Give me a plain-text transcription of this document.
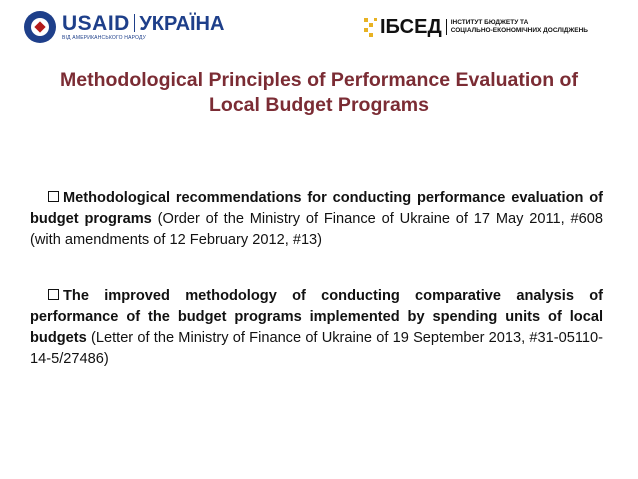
USAID УКРАЇНА
ВІД АМЕРИКАНСЬКОГО НАРОДУ	IБСЕД ІНСТИТУТ БЮДЖЕТУ ТА
СОЦІАЛЬНО-ЕКОНОМІЧНИХ ДОСЛІДЖЕНЬ
Methodological Principles of Performance Evaluation of
Local Budget Programs
Methodological recommendations for conducting performance evaluation of budget programs (Order of the Ministry of Finance of Ukraine of 17 May 2011, #608 (with amendments of 12 February 2012, #13)
The improved methodology of conducting comparative analysis of performance of the budget programs implemented by spending units of local budgets (Letter of the Ministry of Finance of Ukraine of 19 September 2013, #31-05110-14-5/27486)
